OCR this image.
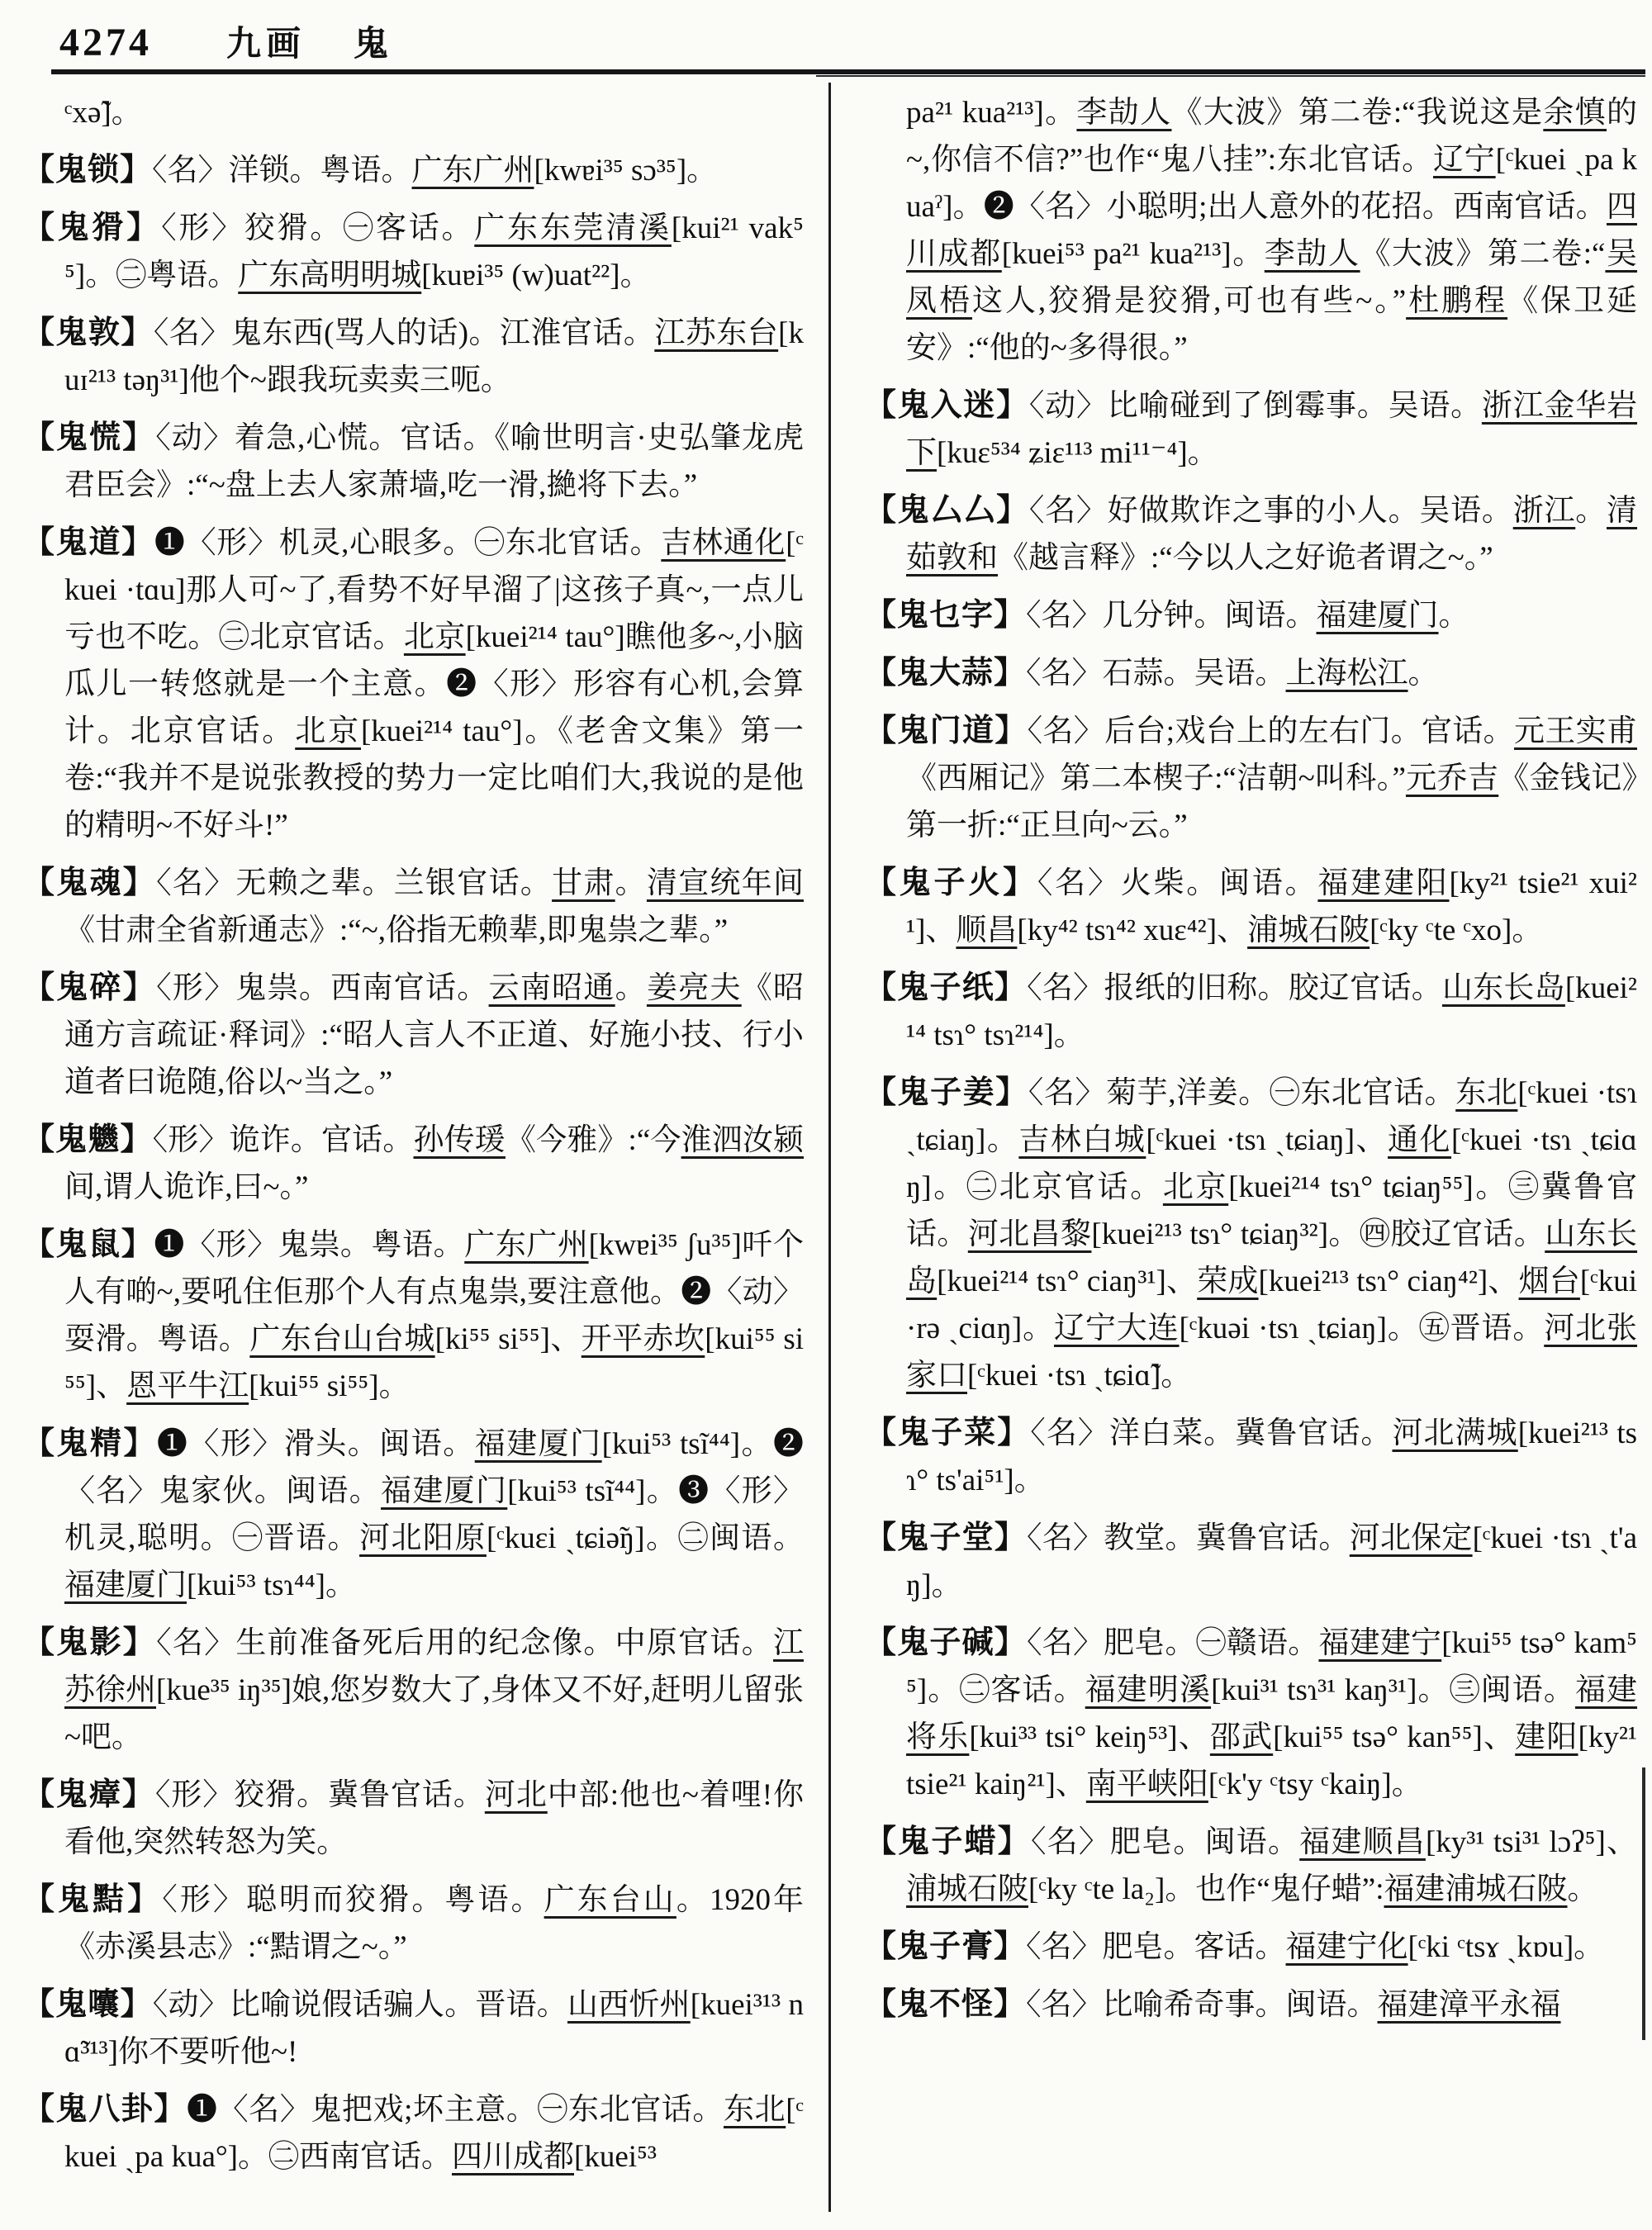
4274 九画 鬼

ᶜxə̃]。

【鬼锁】〈名〉洋锁。粤语。广东广州[kwɐi³⁵ sɔ³⁵]。

【鬼猾】〈形〉狡猾。㊀客话。广东东莞清溪[kui²¹ vak⁵⁵]。㊁粤语。广东高明明城[kuɐi³⁵ (w)uat²²]。

【鬼敦】〈名〉鬼东西(骂人的话)。江淮官话。江苏东台[kuɪ²¹³ təŋ³¹]他个~跟我玩卖卖三呃。

【鬼慌】〈动〉着急,心慌。官话。《喻世明言·史弘肇龙虎君臣会》:“~盘上去人家萧墙,吃一滑,撧将下去。”

【鬼道】❶〈形〉机灵,心眼多。㊀东北官话。吉林通化[ᶜkuei ·tɑu]那人可~了,看势不好早溜了|这孩子真~,一点儿亏也不吃。㊁北京官话。北京[kuei²¹⁴ tau°]瞧他多~,小脑瓜儿一转悠就是一个主意。❷〈形〉形容有心机,会算计。北京官话。北京[kuei²¹⁴ tau°]。《老舍文集》第一卷:“我并不是说张教授的势力一定比咱们大,我说的是他的精明~不好斗!”

【鬼魂】〈名〉无赖之辈。兰银官话。甘肃。清宣统年间《甘肃全省新通志》:“~,俗指无赖辈,即鬼祟之辈。”

【鬼碎】〈形〉鬼祟。西南官话。云南昭通。姜亮夫《昭通方言疏证·释词》:“昭人言人不正道、好施小技、行小道者曰诡随,俗以~当之。”

【鬼魕】〈形〉诡诈。官话。孙传瑗《今雅》:“今淮泗汝颍间,谓人诡诈,曰~。”

【鬼鼠】❶〈形〉鬼祟。粤语。广东广州[kwɐi³⁵ ʃu³⁵]吀个人有啲~,要吼住佢那个人有点鬼祟,要注意他。❷〈动〉耍滑。粤语。广东台山台城[ki⁵⁵ si⁵⁵]、开平赤坎[kui⁵⁵ si⁵⁵]、恩平牛江[kui⁵⁵ si⁵⁵]。

【鬼精】❶〈形〉滑头。闽语。福建厦门[kui⁵³ tsĩ⁴⁴]。❷〈名〉鬼家伙。闽语。福建厦门[kui⁵³ tsĩ⁴⁴]。❸〈形〉机灵,聪明。㊀晋语。河北阳原[ᶜkuɛi ˎtɕiə̃ŋ]。㊁闽语。福建厦门[kui⁵³ tsɿ⁴⁴]。

【鬼影】〈名〉生前准备死后用的纪念像。中原官话。江苏徐州[kue³⁵ iŋ³⁵]娘,您岁数大了,身体又不好,赶明儿留张~吧。

【鬼瘴】〈形〉狡猾。冀鲁官话。河北中部:他也~着哩!你看他,突然转怒为笑。

【鬼黠】〈形〉聪明而狡猾。粤语。广东台山。1920年《赤溪县志》:“黠谓之~。”

【鬼囔】〈动〉比喻说假话骗人。晋语。山西忻州[kuei³¹³ nɑ̃³¹³]你不要听他~!

【鬼八卦】❶〈名〉鬼把戏;坏主意。㊀东北官话。东北[ᶜkuei ˎpa kua°]。㊁西南官话。四川成都[kuei⁵³

pa²¹ kua²¹³]。李劼人《大波》第二卷:“我说这是余慎的~,你信不信?”也作“鬼八挂”:东北官话。辽宁[ᶜkuei ˎpa kuaˀ]。❷〈名〉小聪明;出人意外的花招。西南官话。四川成都[kuei⁵³ pa²¹ kua²¹³]。李劼人《大波》第二卷:“吴凤梧这人,狡猾是狡猾,可也有些~。”杜鹏程《保卫延安》:“他的~多得很。”

【鬼入迷】〈动〉比喻碰到了倒霉事。吴语。浙江金华岩下[kuɛ⁵³⁴ ʑiɛ¹¹³ mi¹¹⁻⁴]。

【鬼厶厶】〈名〉好做欺诈之事的小人。吴语。浙江。清茹敦和《越言释》:“今以人之好诡者谓之~。”

【鬼乜字】〈名〉几分钟。闽语。福建厦门。

【鬼大蒜】〈名〉石蒜。吴语。上海松江。

【鬼门道】〈名〉后台;戏台上的左右门。官话。元王实甫《西厢记》第二本楔子:“洁朝~叫科。”元乔吉《金钱记》第一折:“正旦向~云。”

【鬼子火】〈名〉火柴。闽语。福建建阳[ky²¹ tsie²¹ xui²¹]、顺昌[ky⁴² tsɿ⁴² xuɛ⁴²]、浦城石陂[ᶜky ᶜte ᶜxo]。

【鬼子纸】〈名〉报纸的旧称。胶辽官话。山东长岛[kuei²¹⁴ tsɿ° tsɿ²¹⁴]。

【鬼子姜】〈名〉菊芋,洋姜。㊀东北官话。东北[ᶜkuei ·tsɿ ˎtɕiaŋ]。吉林白城[ᶜkuei ·tsɿ ˎtɕiaŋ]、通化[ᶜkuei ·tsɿ ˎtɕiɑŋ]。㊁北京官话。北京[kuei²¹⁴ tsɿ° tɕiaŋ⁵⁵]。㊂冀鲁官话。河北昌黎[kuei²¹³ tsɿ° tɕiaŋ³²]。㊃胶辽官话。山东长岛[kuei²¹⁴ tsɿ° ciaŋ³¹]、荣成[kuei²¹³ tsɿ° ciaŋ⁴²]、烟台[ᶜkui ·rə ˎciɑŋ]。辽宁大连[ᶜkuəi ·tsɿ ˎtɕiaŋ]。㊄晋语。河北张家口[ᶜkuei ·tsɿ ˎtɕiɑ̃]。

【鬼子菜】〈名〉洋白菜。冀鲁官话。河北满城[kuei²¹³ tsɿ° ts'ai⁵¹]。

【鬼子堂】〈名〉教堂。冀鲁官话。河北保定[ᶜkuei ·tsɿ ˎt'aŋ]。

【鬼子碱】〈名〉肥皂。㊀赣语。福建建宁[kui⁵⁵ tsə° kam⁵⁵]。㊁客话。福建明溪[kui³¹ tsɿ³¹ kaŋ³¹]。㊂闽语。福建将乐[kui³³ tsi° keiŋ⁵³]、邵武[kui⁵⁵ tsə° kan⁵⁵]、建阳[ky²¹ tsie²¹ kaiŋ²¹]、南平峡阳[ᶜk'y ᶜtsy ᶜkaiŋ]。

【鬼子蜡】〈名〉肥皂。闽语。福建顺昌[ky³¹ tsi³¹ lɔʔ⁵]、浦城石陂[ᶜky ᶜte la₂]。也作“鬼仔蜡”:福建浦城石陂。

【鬼子膏】〈名〉肥皂。客话。福建宁化[ᶜki ᶜtsɤ ˎkɒu]。

【鬼不怪】〈名〉比喻希奇事。闽语。福建漳平永福
